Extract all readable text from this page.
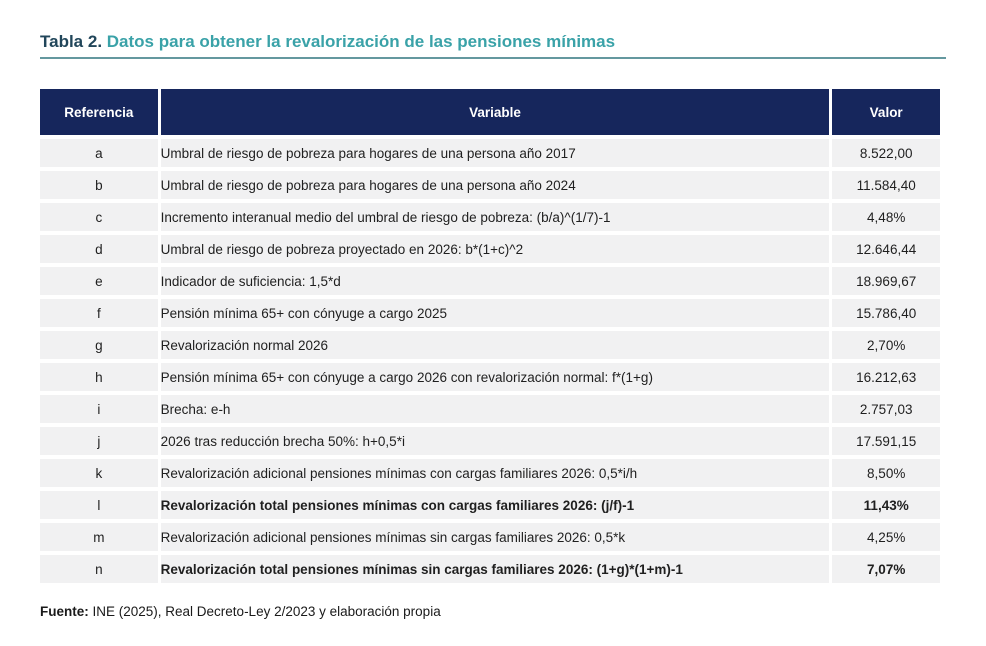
Tabla 2. Datos para obtener la revalorización de las pensiones mínimas
Referencia	Variable	Valor
a	Umbral de riesgo de pobreza para hogares de una persona año 2017	8.522,00
b	Umbral de riesgo de pobreza para hogares de una persona año 2024	11.584,40
c	Incremento interanual medio del umbral de riesgo de pobreza: (b/a)^(1/7)-1	4,48%
d	Umbral de riesgo de pobreza proyectado en 2026: b*(1+c)^2	12.646,44
e	Indicador de suficiencia: 1,5*d	18.969,67
f	Pensión mínima 65+ con cónyuge a cargo 2025	15.786,40
g	Revalorización normal 2026	2,70%
h	Pensión mínima 65+ con cónyuge a cargo 2026 con revalorización normal: f*(1+g)	16.212,63
i	Brecha: e-h	2.757,03
j	2026 tras reducción brecha 50%: h+0,5*i	17.591,15
k	Revalorización adicional pensiones mínimas con cargas familiares 2026: 0,5*i/h	8,50%
l	Revalorización total pensiones mínimas con cargas familiares 2026: (j/f)-1	11,43%
m	Revalorización adicional pensiones mínimas sin cargas familiares 2026: 0,5*k	4,25%
n	Revalorización total pensiones mínimas sin cargas familiares 2026: (1+g)*(1+m)-1	7,07%
Fuente: INE (2025), Real Decreto-Ley 2/2023 y elaboración propia
